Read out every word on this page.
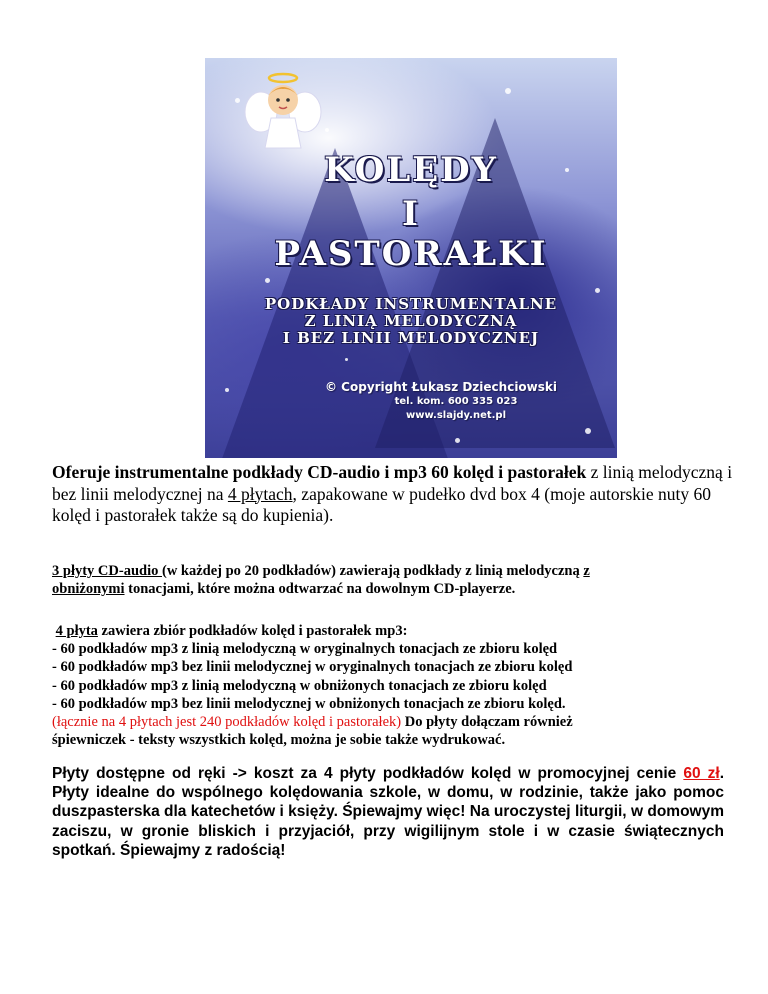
KOLĘDY
I
PASTORAŁKI
PODKŁADY INSTRUMENTALNE
Z LINIĄ MELODYCZNĄ
I BEZ LINII MELODYCZNEJ
© Copyright Łukasz Dziechciowski
tel. kom. 600 335 023
www.slajdy.net.pl
Oferuje instrumentalne podkłady CD-audio i mp3 60 kolęd i pastorałek z linią melodyczną i bez linii melodycznej na 4 płytach, zapakowane w pudełko dvd box 4 (moje autorskie nuty 60 kolęd i pastorałek także są do kupienia).
3 płyty CD-audio (w każdej po 20 podkładów) zawierają podkłady z linią melodyczną z
obniżonymi tonacjami, które można odtwarzać na dowolnym CD-playerze.
4 płyta zawiera zbiór podkładów kolęd i pastorałek mp3:
- 60 podkładów mp3 z linią melodyczną w oryginalnych tonacjach ze zbioru kolęd
- 60 podkładów mp3 bez linii melodycznej w oryginalnych tonacjach ze zbioru kolęd
- 60 podkładów mp3 z linią melodyczną w obniżonych tonacjach ze zbioru kolęd
- 60 podkładów mp3 bez linii melodycznej w obniżonych tonacjach ze zbioru kolęd.
(łącznie na 4 płytach jest 240 podkładów kolęd i pastorałek) Do płyty dołączam również
śpiewniczek - teksty wszystkich kolęd, można je sobie także wydrukować.
Płyty dostępne od ręki -> koszt za 4 płyty podkładów kolęd w promocyjnej cenie 60 zł. Płyty idealne do wspólnego kolędowania szkole, w domu, w rodzinie, także jako pomoc duszpasterska dla katechetów i księży. Śpiewajmy więc! Na uroczystej liturgii, w domowym zaciszu, w gronie bliskich i przyjaciół, przy wigilijnym stole i w czasie świątecznych spotkań. Śpiewajmy z radością!
